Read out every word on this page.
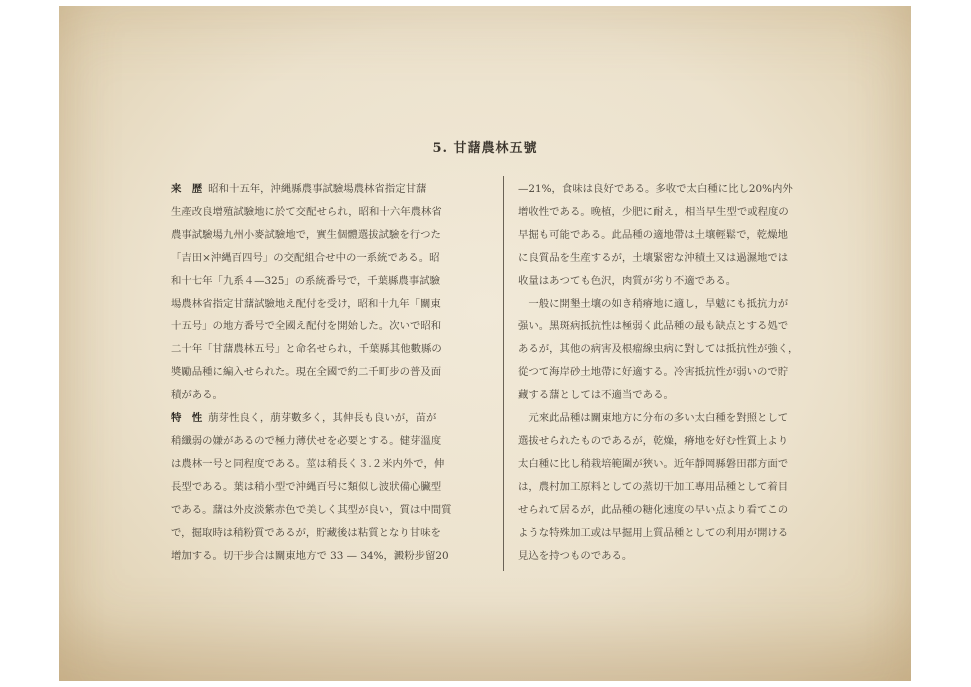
5. 甘藷農林五號

来　歴 昭和十五年，沖縄縣農事試驗場農林省指定甘藷

生產改良增殖試驗地に於て交配せられ，昭和十六年農林省

農事試驗場九州小麥試驗地で，實生個體選拔試驗を行つた

「吉田×沖縄百四号」の交配組合せ中の一系統である。昭

和十七年「九系４—325」の系統番号で，千葉縣農事試驗

場農林省指定甘藷試驗地え配付を受け，昭和十九年「關東

十五号」の地方番号で全國え配付を開始した。次いで昭和

二十年「甘藷農林五号」と命名せられ，千葉縣其他數縣の

奬勵品種に編入せられた。現在全國で約二千町步の普及面

積がある。

特　性 萠芽性良く，萠芽數多く，其伸長も良いが，苗が

稍纖弱の嫌があるので極力薄伏せを必要とする。健芽溫度

は農林一号と同程度である。莖は稍長く３.２米内外で，伸

長型である。葉は稍小型で沖縄百号に類似し波狀備心臟型

である。藷は外皮淡紫赤色で美しく其型が良い，質は中間質

で，掘取時は稍粉質であるが，貯藏後は粘質となり甘味を

增加する。切干步合は關東地方で 33 — 34%，澱粉步留20

—21%，食味は良好である。多收で太白種に比し20%内外

增收性である。晚植，少肥に耐え，相当早生型で或程度の

早掘も可能である。此品種の適地帶は土壤輕鬆で，乾燥地

に良質品を生産するが，土壤緊密な沖積土又は過濕地では

收量はあつても色沢，肉質が劣り不適である。

　一般に開墾土壤の如き稍瘠地に適し，旱魃にも抵抗力が

强い。黑斑病抵抗性は極弱く此品種の最も缺点とする処で

あるが，其他の病害及根瘤線虫病に對しては抵抗性が強く，

從つて海岸砂土地帶に好適する。冷害抵抗性が弱いので貯

藏する藷としては不適当である。

　元來此品種は關東地方に分布の多い太白種を對照として

選拔せられたものであるが，乾燥，瘠地を好む性質上より

太白種に比し稍栽培範圍が狹い。近年靜岡縣磐田郡方面で

は，農村加工原料としての蒸切干加工專用品種として着目

せられて居るが，此品種の糖化速度の早い点より看てこの

ような特殊加工或は早掘用上質品種としての利用が開ける

見込を持つものである。
